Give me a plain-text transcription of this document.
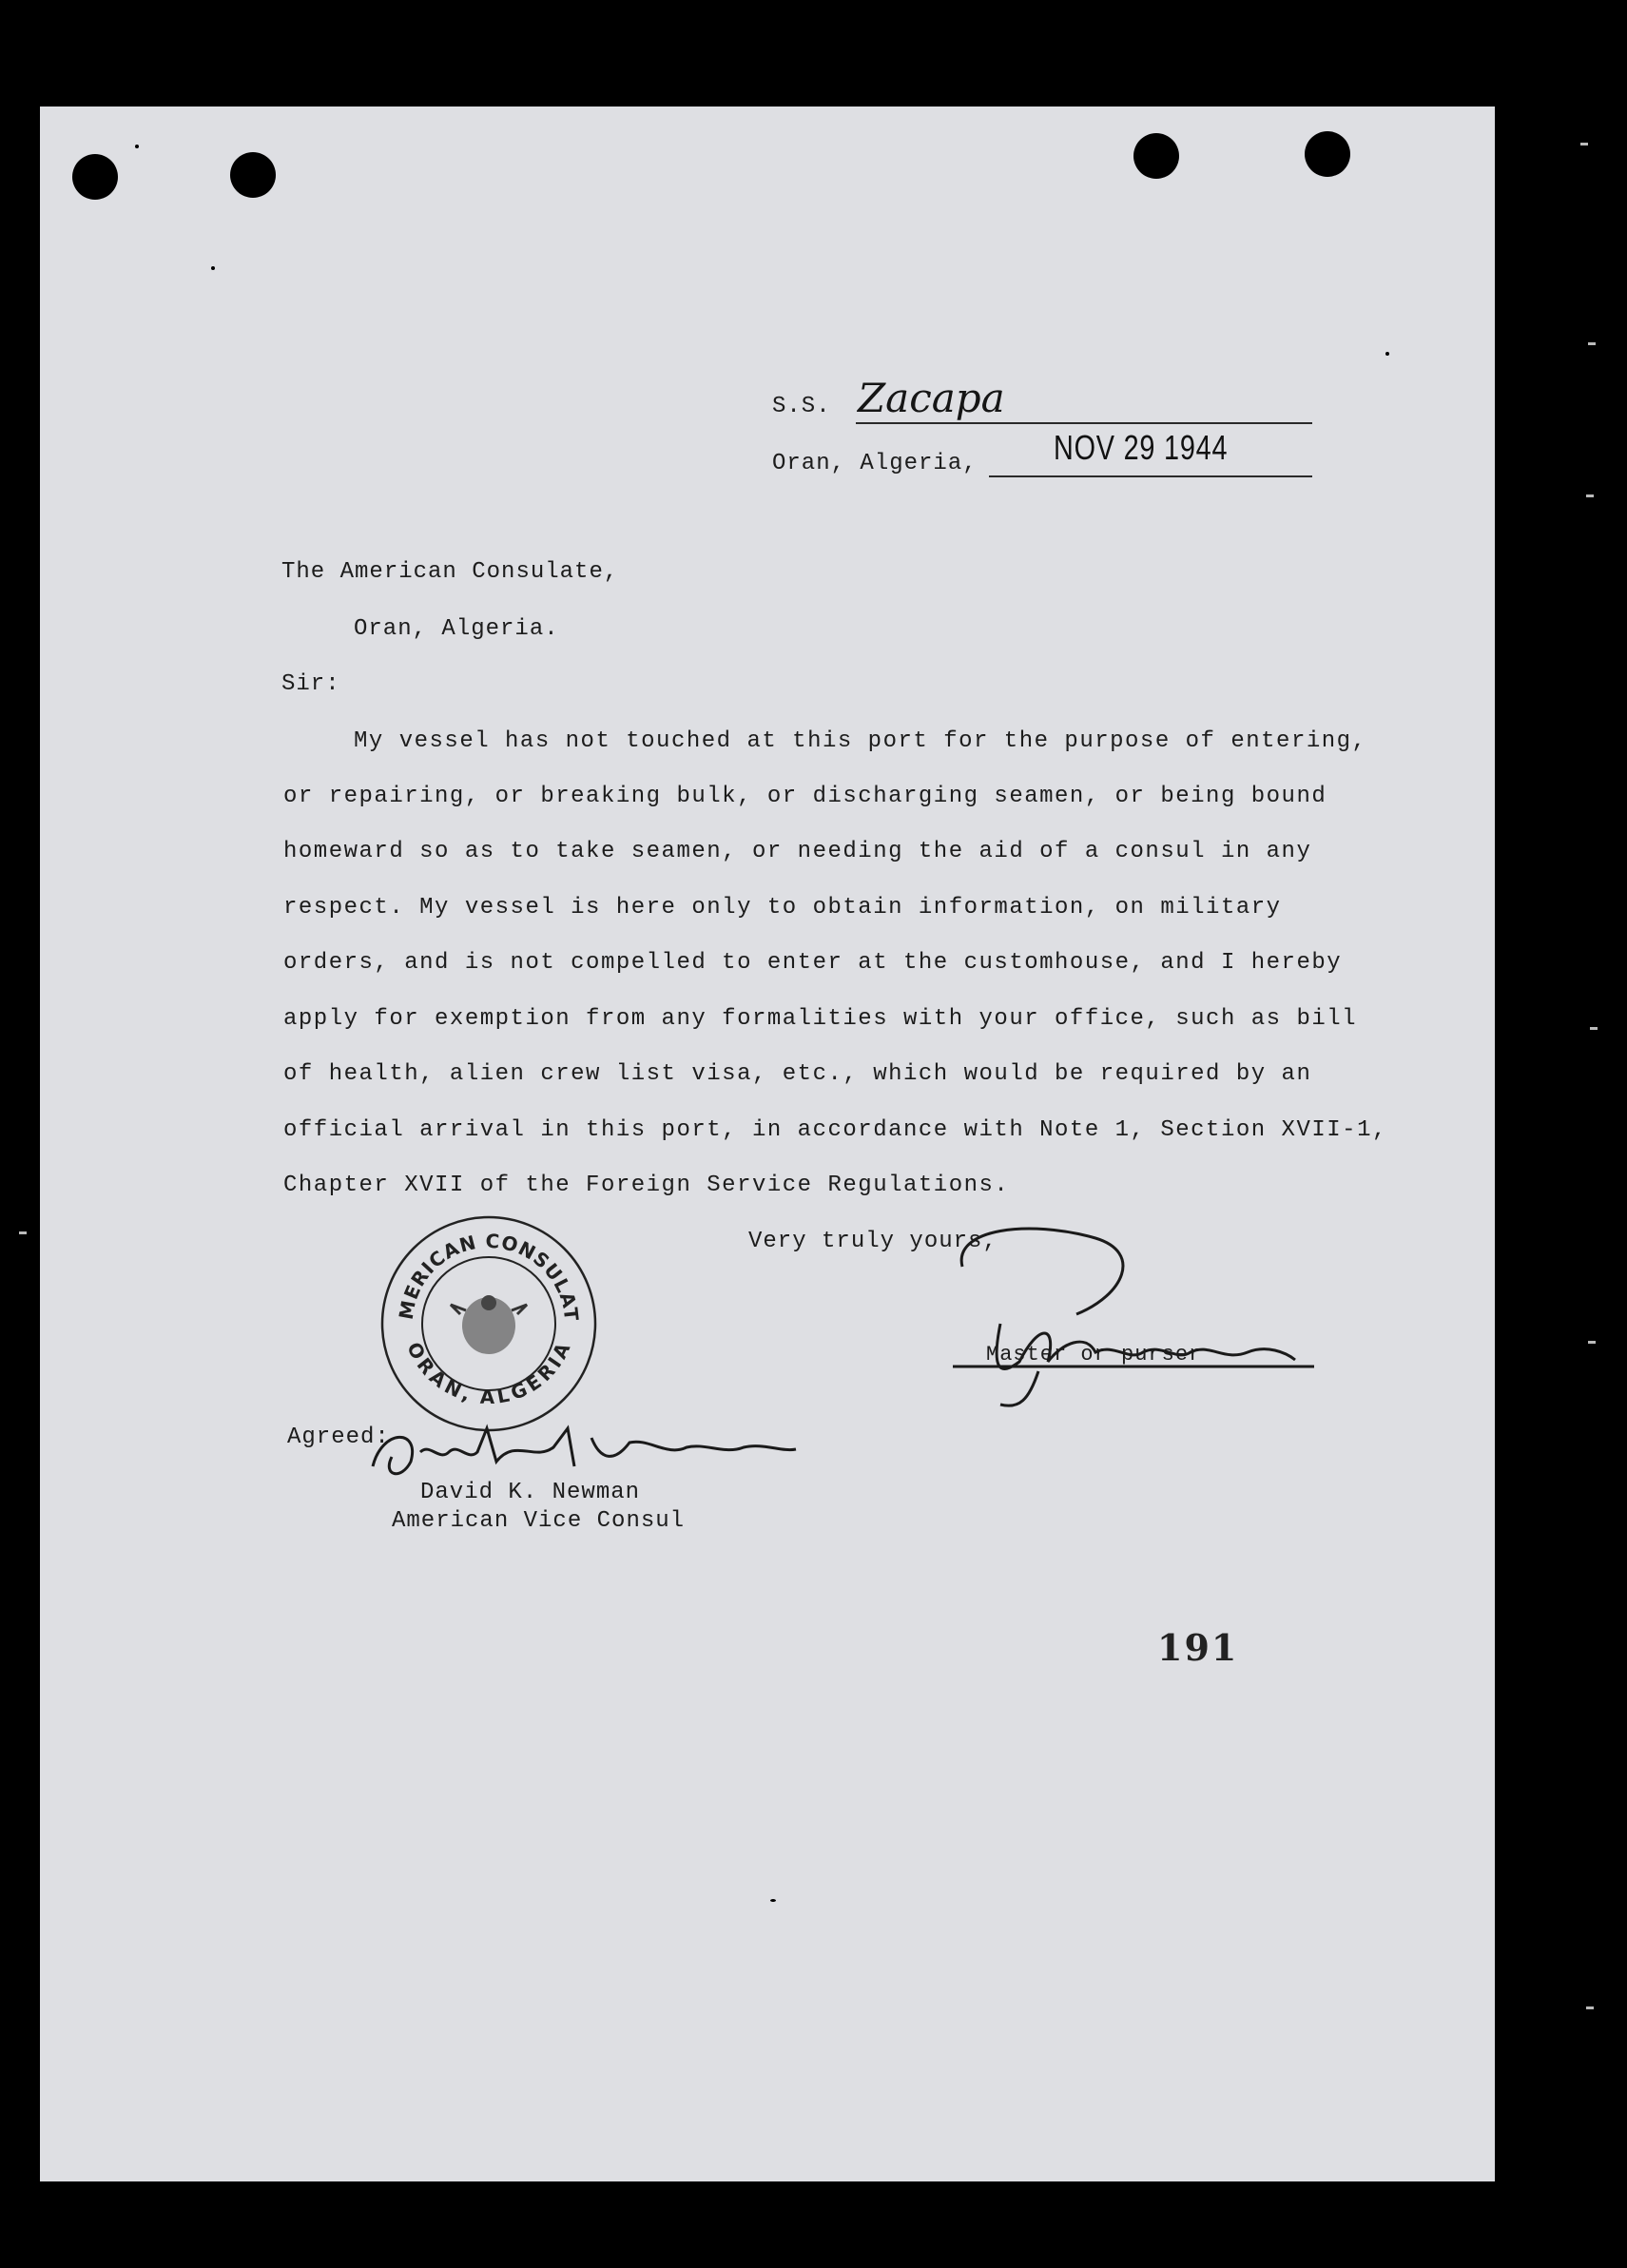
S.S. Zacapa
Oran, Algeria, NOV 29 1944
The American Consulate,
Oran, Algeria.
Sir:
My vessel has not touched at this port for the purpose of entering,
or repairing, or breaking bulk, or discharging seamen, or being bound
homeward so as to take seamen, or needing the aid of a consul in any
respect. My vessel is here only to obtain information, on military
orders, and is not compelled to enter at the customhouse, and I hereby
apply for exemption from any formalities with your office, such as bill
of health, alien crew list visa, etc., which would be required by an
official arrival in this port, in accordance with Note 1, Section XVII-1,
Chapter XVII of the Foreign Service Regulations.
Very truly yours,
Master or purser
AMERICAN CONSULATE
ORAN, ALGERIA
Agreed:
David K. Newman
American Vice Consul
191
